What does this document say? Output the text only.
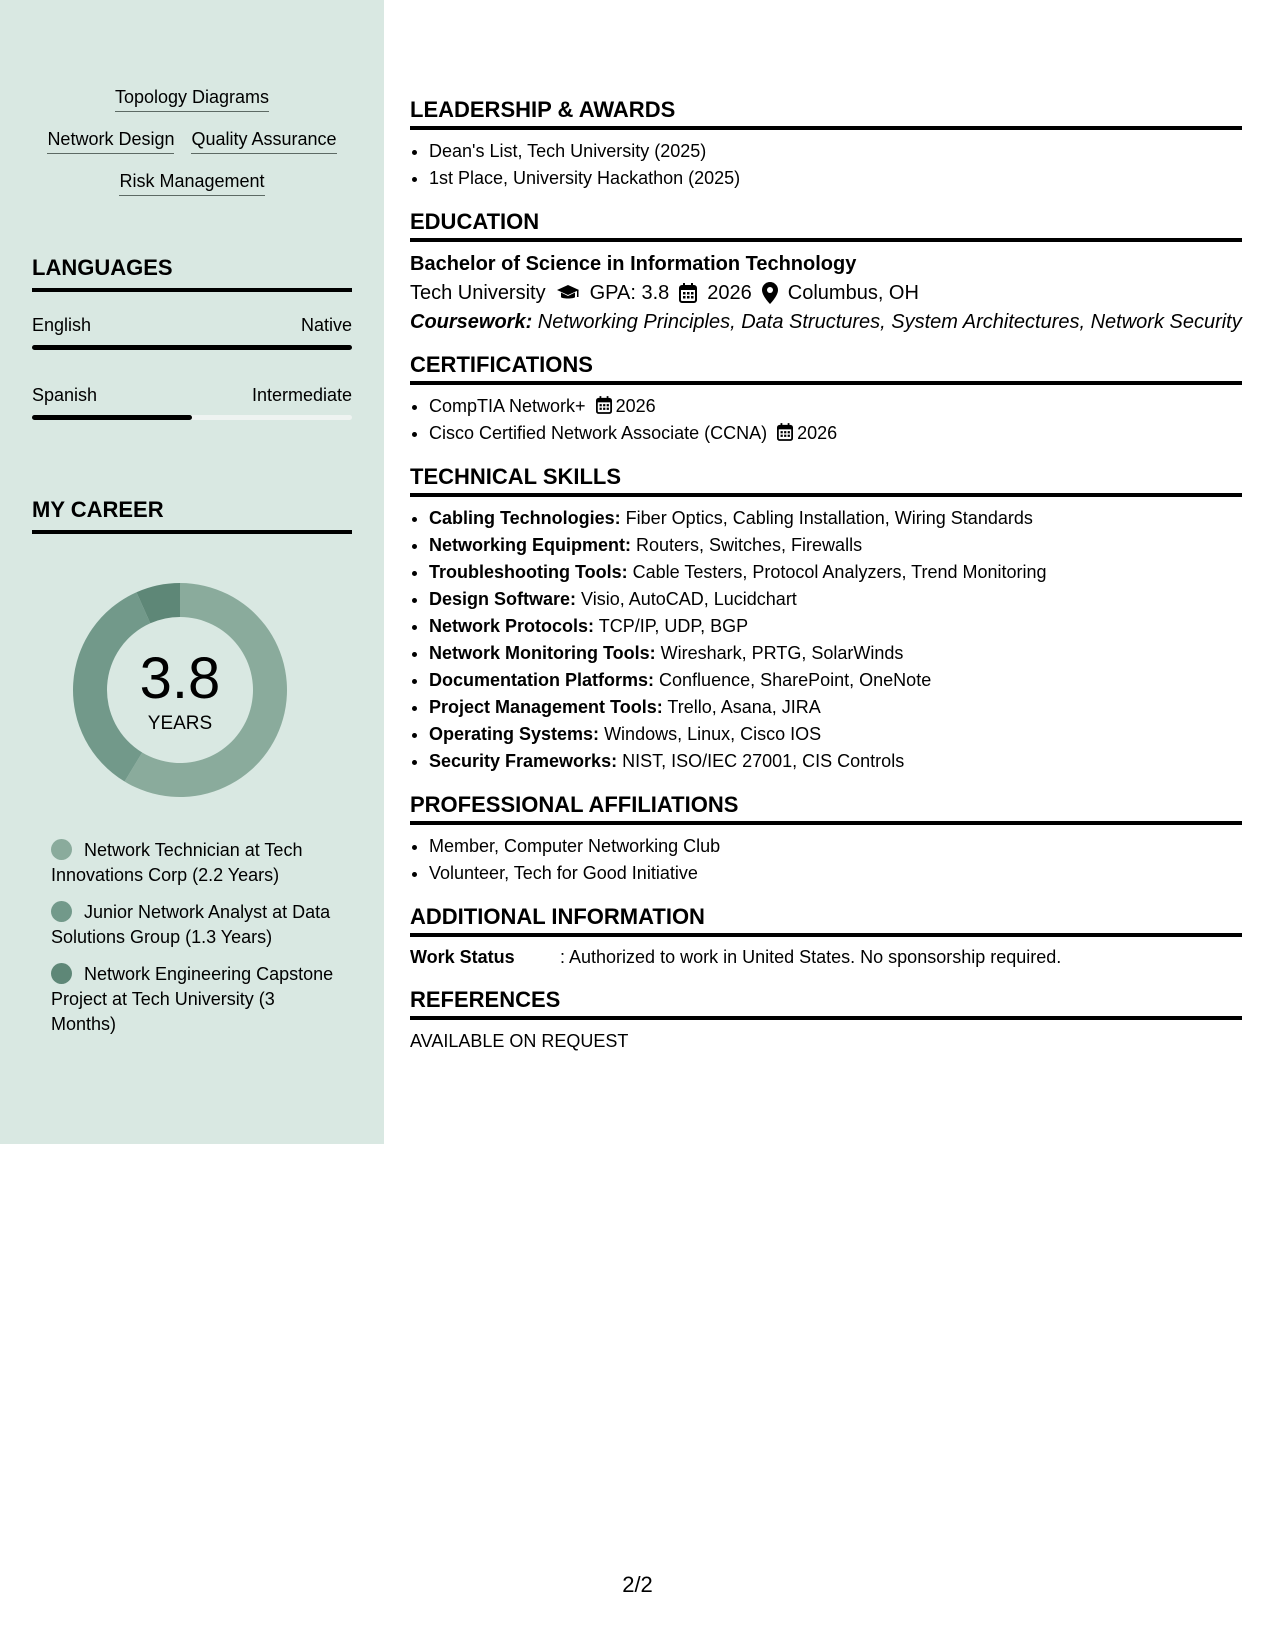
Topology Diagrams
Network Design Quality Assurance
Risk Management
LANGUAGES
English	Native
Spanish	Intermediate
MY CAREER
3.8
YEARS
Network Technician at Tech Innovations Corp (2.2 Years)
Junior Network Analyst at Data Solutions Group (1.3 Years)
Network Engineering Capstone Project at Tech University (3 Months)
LEADERSHIP & AWARDS
• Dean's List, Tech University (2025)
• 1st Place, University Hackathon (2025)
EDUCATION
Bachelor of Science in Information Technology
Tech University GPA: 3.8 2026 Columbus, OH
Coursework: Networking Principles, Data Structures, System Architectures, Network Security
CERTIFICATIONS
• CompTIA Network+ 2026
• Cisco Certified Network Associate (CCNA) 2026
TECHNICAL SKILLS
• Cabling Technologies: Fiber Optics, Cabling Installation, Wiring Standards
• Networking Equipment: Routers, Switches, Firewalls
• Troubleshooting Tools: Cable Testers, Protocol Analyzers, Trend Monitoring
• Design Software: Visio, AutoCAD, Lucidchart
• Network Protocols: TCP/IP, UDP, BGP
• Network Monitoring Tools: Wireshark, PRTG, SolarWinds
• Documentation Platforms: Confluence, SharePoint, OneNote
• Project Management Tools: Trello, Asana, JIRA
• Operating Systems: Windows, Linux, Cisco IOS
• Security Frameworks: NIST, ISO/IEC 27001, CIS Controls
PROFESSIONAL AFFILIATIONS
• Member, Computer Networking Club
• Volunteer, Tech for Good Initiative
ADDITIONAL INFORMATION
Work Status	: Authorized to work in United States. No sponsorship required.
REFERENCES
AVAILABLE ON REQUEST
2/2
